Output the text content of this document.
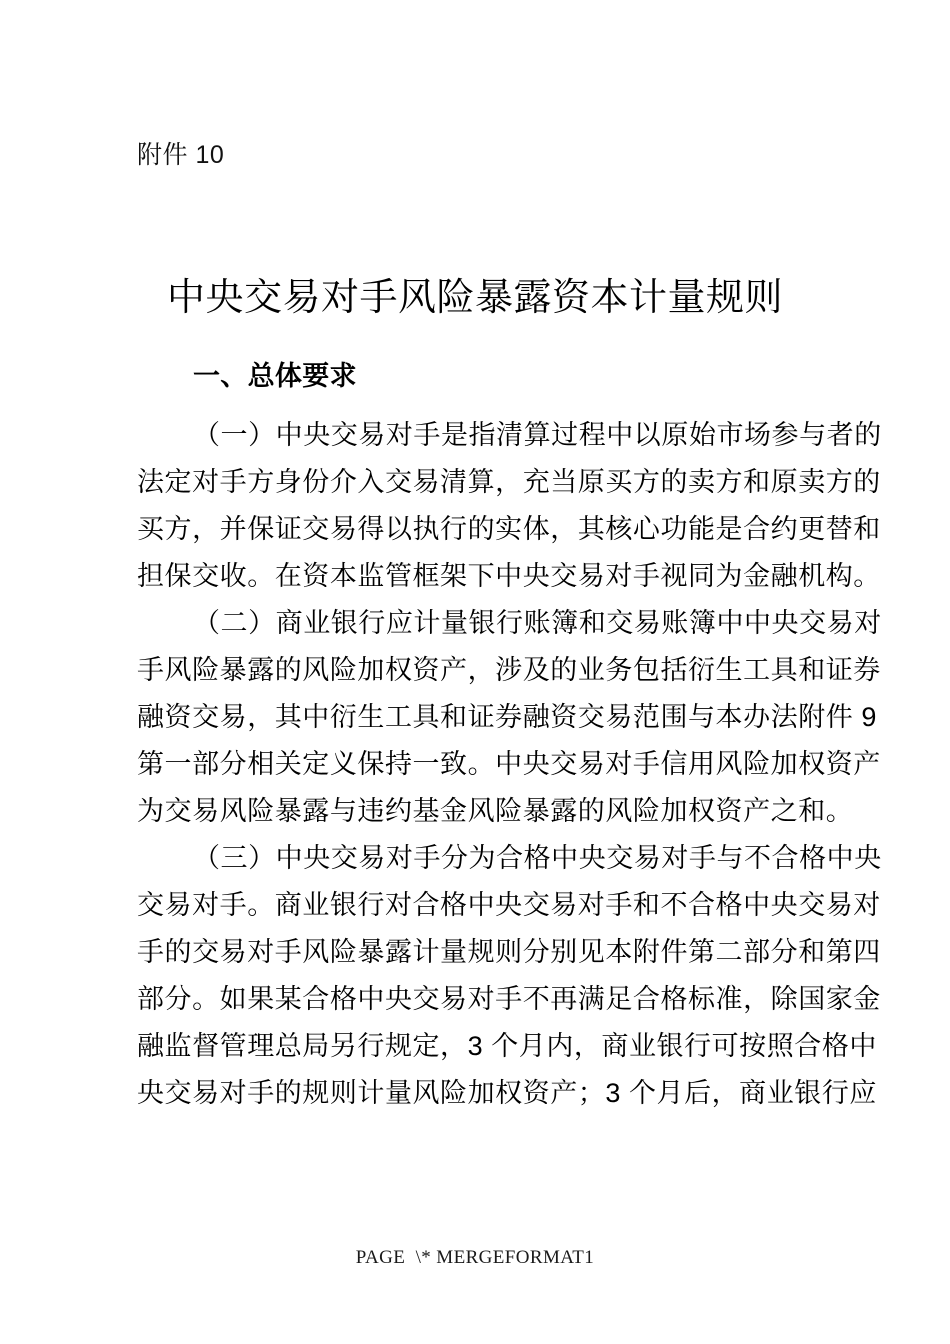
附件 10
中央交易对手风险暴露资本计量规则
一、总体要求

（一）中央交易对手是指清算过程中以原始市场参与者的
法定对手方身份介入交易清算，充当原买方的卖方和原卖方的
买方，并保证交易得以执行的实体，其核心功能是合约更替和
担保交收。在资本监管框架下中央交易对手视同为金融机构。

（二）商业银行应计量银行账簿和交易账簿中中央交易对
手风险暴露的风险加权资产，涉及的业务包括衍生工具和证券
融资交易，其中衍生工具和证券融资交易范围与本办法附件 9
第一部分相关定义保持一致。中央交易对手信用风险加权资产
为交易风险暴露与违约基金风险暴露的风险加权资产之和。

（三）中央交易对手分为合格中央交易对手与不合格中央
交易对手。商业银行对合格中央交易对手和不合格中央交易对
手的交易对手风险暴露计量规则分别见本附件第二部分和第四
部分。如果某合格中央交易对手不再满足合格标准，除国家金
融监督管理总局另行规定，3 个月内，商业银行可按照合格中
央交易对手的规则计量风险加权资产；3 个月后，商业银行应

PAGE  \* MERGEFORMAT1
